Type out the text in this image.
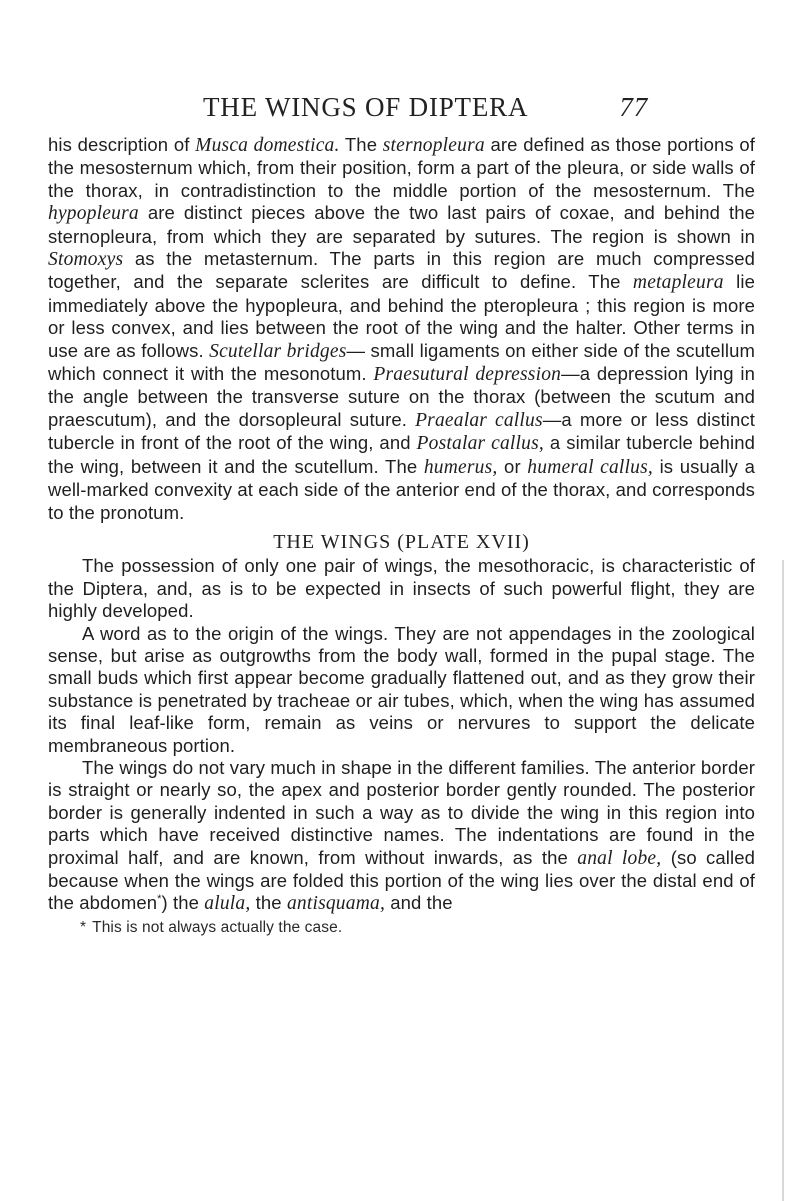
THE WINGS OF DIPTERA	77

his description of Musca domestica. The sternopleura are defined as those portions of the mesosternum which, from their position, form a part of the pleura, or side walls of the thorax, in contradistinction to the middle portion of the mesosternum. The hypopleura are distinct pieces above the two last pairs of coxae, and behind the sternopleura, from which they are separated by sutures. The region is shown in Stomoxys as the metasternum. The parts in this region are much compressed together, and the separate sclerites are difficult to define. The metapleura lie immediately above the hypopleura, and behind the pteropleura ; this region is more or less convex, and lies between the root of the wing and the halter. Other terms in use are as follows. Scutellar bridges— small ligaments on either side of the scutellum which connect it with the mesonotum. Praesutural depression—a depression lying in the angle between the transverse suture on the thorax (between the scutum and praescutum), and the dorsopleural suture. Praealar callus—a more or less distinct tubercle in front of the root of the wing, and Postalar callus, a similar tubercle behind the wing, between it and the scutellum. The humerus, or humeral callus, is usually a well-marked convexity at each side of the anterior end of the thorax, and corresponds to the pronotum.

THE WINGS (PLATE XVII)

The possession of only one pair of wings, the mesothoracic, is characteristic of the Diptera, and, as is to be expected in insects of such powerful flight, they are highly developed.

A word as to the origin of the wings. They are not appendages in the zoological sense, but arise as outgrowths from the body wall, formed in the pupal stage. The small buds which first appear become gradually flattened out, and as they grow their substance is penetrated by tracheae or air tubes, which, when the wing has assumed its final leaf-like form, remain as veins or nervures to support the delicate membraneous portion.

The wings do not vary much in shape in the different families. The anterior border is straight or nearly so, the apex and posterior border gently rounded. The posterior border is generally indented in such a way as to divide the wing in this region into parts which have received distinctive names. The indentations are found in the proximal half, and are known, from without inwards, as the anal lobe, (so called because when the wings are folded this portion of the wing lies over the distal end of the abdomen*) the alula, the antisquama, and the

* This is not always actually the case.
